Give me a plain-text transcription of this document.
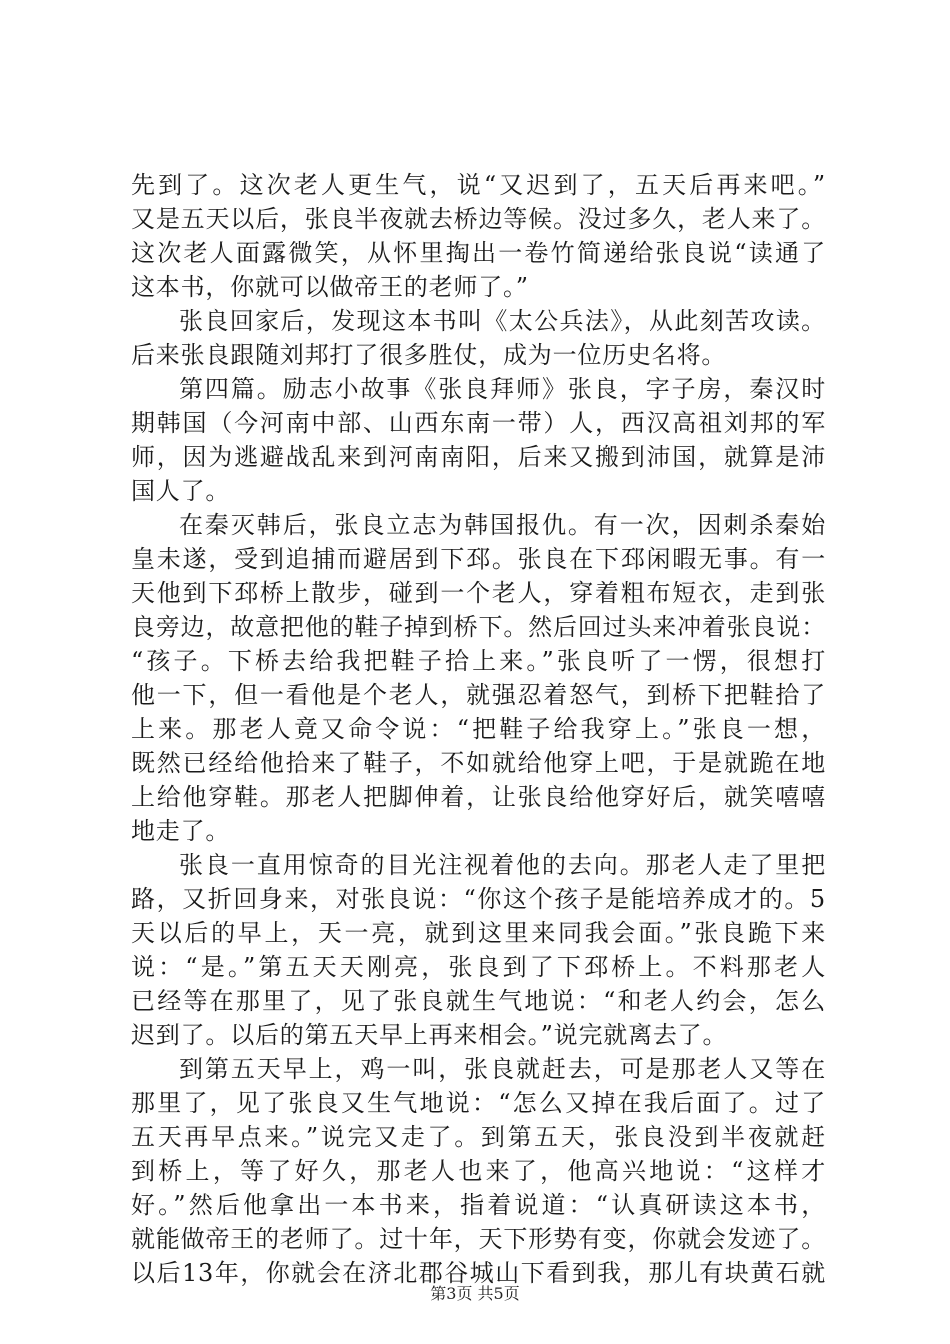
先到了。这次老人更生气，说“又迟到了，五天后再来吧。”
又是五天以后，张良半夜就去桥边等候。没过多久，老人来了。
这次老人面露微笑，从怀里掏出一卷竹简递给张良说“读通了
这本书，你就可以做帝王的老师了。”
张良回家后，发现这本书叫《太公兵法》，从此刻苦攻读。
后来张良跟随刘邦打了很多胜仗，成为一位历史名将。
第四篇。励志小故事《张良拜师》张良，字子房，秦汉时
期韩国（今河南中部、山西东南一带）人，西汉高祖刘邦的军
师，因为逃避战乱来到河南南阳，后来又搬到沛国，就算是沛
国人了。
在秦灭韩后，张良立志为韩国报仇。有一次，因刺杀秦始
皇未遂，受到追捕而避居到下邳。张良在下邳闲暇无事。有一
天他到下邳桥上散步，碰到一个老人，穿着粗布短衣，走到张
良旁边，故意把他的鞋子掉到桥下。然后回过头来冲着张良说：
“孩子。下桥去给我把鞋子拾上来。”张良听了一愣，很想打
他一下，但一看他是个老人，就强忍着怒气，到桥下把鞋拾了
上来。那老人竟又命令说：“把鞋子给我穿上。”张良一想，
既然已经给他拾来了鞋子，不如就给他穿上吧，于是就跪在地
上给他穿鞋。那老人把脚伸着，让张良给他穿好后，就笑嘻嘻
地走了。
张良一直用惊奇的目光注视着他的去向。那老人走了里把
路，又折回身来，对张良说：“你这个孩子是能培养成才的。5
天以后的早上，天一亮，就到这里来同我会面。”张良跪下来
说：“是。”第五天天刚亮，张良到了下邳桥上。不料那老人
已经等在那里了，见了张良就生气地说：“和老人约会，怎么
迟到了。以后的第五天早上再来相会。”说完就离去了。
到第五天早上，鸡一叫，张良就赶去，可是那老人又等在
那里了，见了张良又生气地说：“怎么又掉在我后面了。过了
五天再早点来。”说完又走了。到第五天，张良没到半夜就赶
到桥上，等了好久，那老人也来了，他高兴地说：“这样才
好。”然后他拿出一本书来，指着说道：“认真研读这本书，
就能做帝王的老师了。过十年，天下形势有变，你就会发迹了。
以后13年，你就会在济北郡谷城山下看到我，那儿有块黄石就
第3页 共5页
